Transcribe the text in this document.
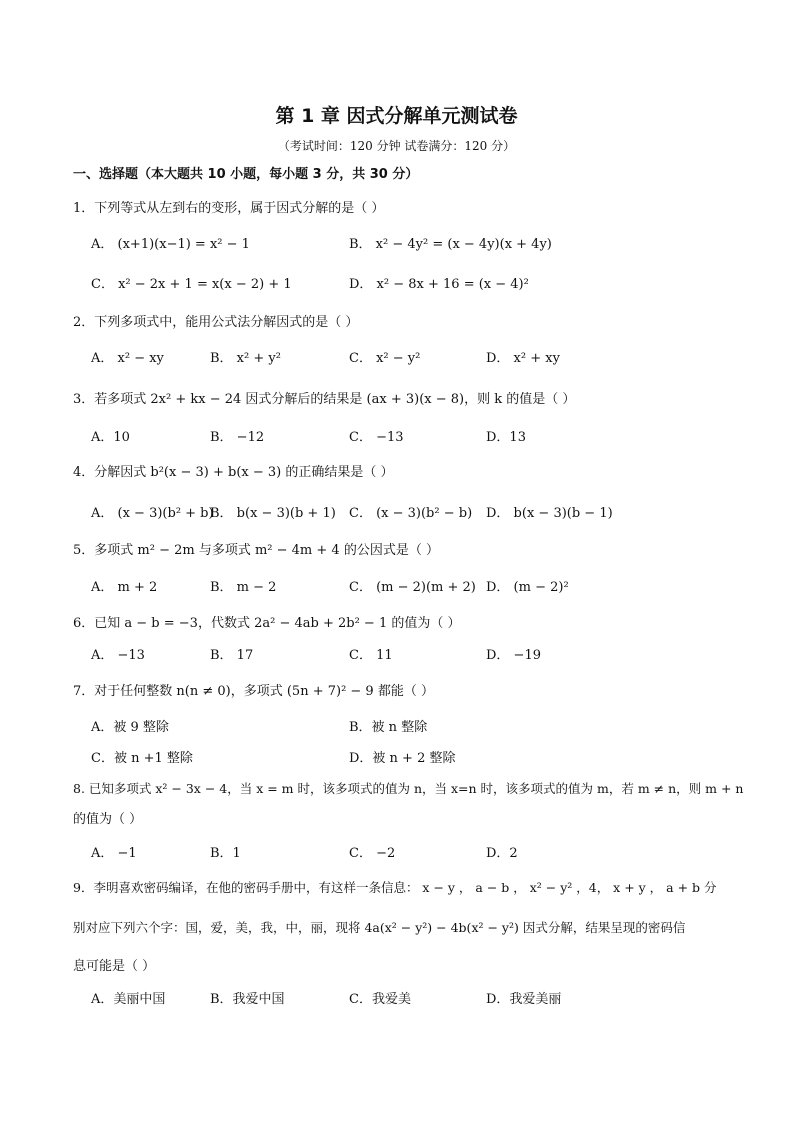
第 1 章 因式分解单元测试卷
（考试时间：120 分钟 试卷满分：120 分）
一、选择题（本大题共 10 小题，每小题 3 分，共 30 分）
1．下列等式从左到右的变形，属于因式分解的是（ ）
A． (x+1)(x−1) = x² − 1	B． x² − 4y² = (x − 4y)(x + 4y)
C． x² − 2x + 1 = x(x − 2) + 1	D． x² − 8x + 16 = (x − 4)²
2．下列多项式中，能用公式法分解因式的是（ ）
A． x² − xy	B． x² + y²	C． x² − y²	D． x² + xy
3．若多项式 2x² + kx − 24 因式分解后的结果是 (ax + 3)(x − 8)，则 k 的值是（ ）
A．10	B． −12	C． −13	D．13
4．分解因式 b²(x − 3) + b(x − 3) 的正确结果是（ ）
A． (x − 3)(b² + b)
B． b(x − 3)(b + 1) C． (x − 3)(b² − b) D． b(x − 3)(b − 1)
5．多项式 m² − 2m 与多项式 m² − 4m + 4 的公因式是（ ）
A． m + 2	B． m − 2	C． (m − 2)(m + 2) D． (m − 2)²
6．已知 a − b = −3，代数式 2a² − 4ab + 2b² − 1 的值为（ ）
A． −13	B． 17	C． 11	D． −19
7．对于任何整数 n(n ≠ 0)，多项式 (5n + 7)² − 9 都能（ ）
A．被 9 整除	B．被 n 整除
C．被 n +1 整除	D．被 n + 2 整除
8. 已知多项式 x² − 3x − 4，当 x = m 时，该多项式的值为 n，当 x=n 时，该多项式的值为 m，若 m ≠ n，则 m + n
的值为（ ）
A． −1	B．1	C． −2	D．2
9．李明喜欢密码编译，在他的密码手册中，有这样一条信息： x − y ， a − b ， x² − y² ，4， x + y ， a + b 分
别对应下列六个字：国，爱，美，我，中，丽，现将 4a(x² − y²) − 4b(x² − y²) 因式分解，结果呈现的密码信
息可能是（ ）
A．美丽中国	B．我爱中国	C．我爱美	D．我爱美丽
